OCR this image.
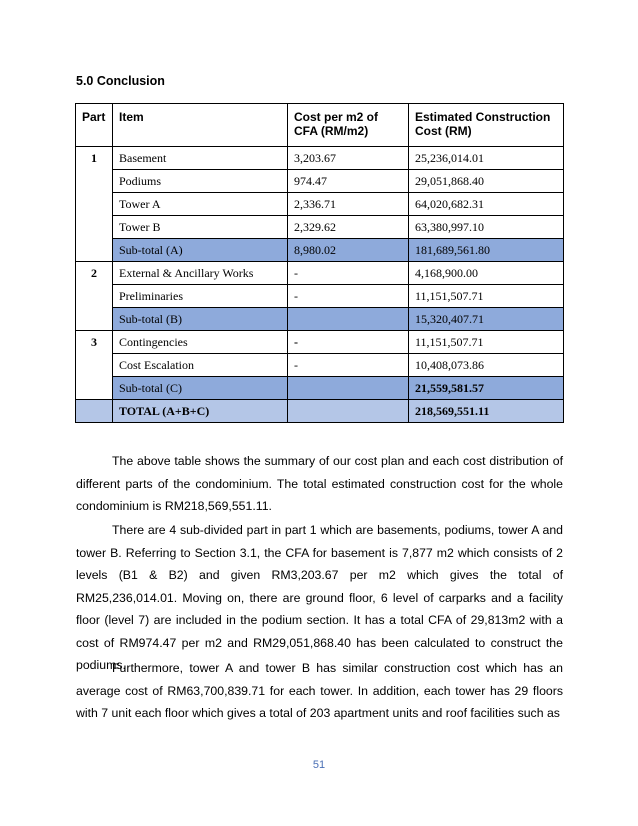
5.0 Conclusion
Part	Item	Cost per m2 of CFA (RM/m2)	Estimated Construction Cost (RM)
1	Basement	3,203.67	25,236,014.01
	Podiums	974.47	29,051,868.40
	Tower A	2,336.71	64,020,682.31
	Tower B	2,329.62	63,380,997.10
	Sub-total (A)	8,980.02	181,689,561.80
2	External & Ancillary Works	-	4,168,900.00
	Preliminaries	-	11,151,507.71
	Sub-total (B)		15,320,407.71
3	Contingencies	-	11,151,507.71
	Cost Escalation	-	10,408,073.86
	Sub-total (C)		21,559,581.57
	TOTAL (A+B+C)		218,569,551.11

The above table shows the summary of our cost plan and each cost distribution of different parts of the condominium. The total estimated construction cost for the whole condominium is RM218,569,551.11.

There are 4 sub-divided part in part 1 which are basements, podiums, tower A and tower B. Referring to Section 3.1, the CFA for basement is 7,877 m2 which consists of 2 levels (B1 & B2) and given RM3,203.67 per m2 which gives the total of RM25,236,014.01. Moving on, there are ground floor, 6 level of carparks and a facility floor (level 7) are included in the podium section. It has a total CFA of 29,813m2 with a cost of RM974.47 per m2 and RM29,051,868.40 has been calculated to construct the podiums.

Furthermore, tower A and tower B has similar construction cost which has an average cost of RM63,700,839.71 for each tower. In addition, each tower has 29 floors with 7 unit each floor which gives a total of 203 apartment units and roof facilities such as

51
